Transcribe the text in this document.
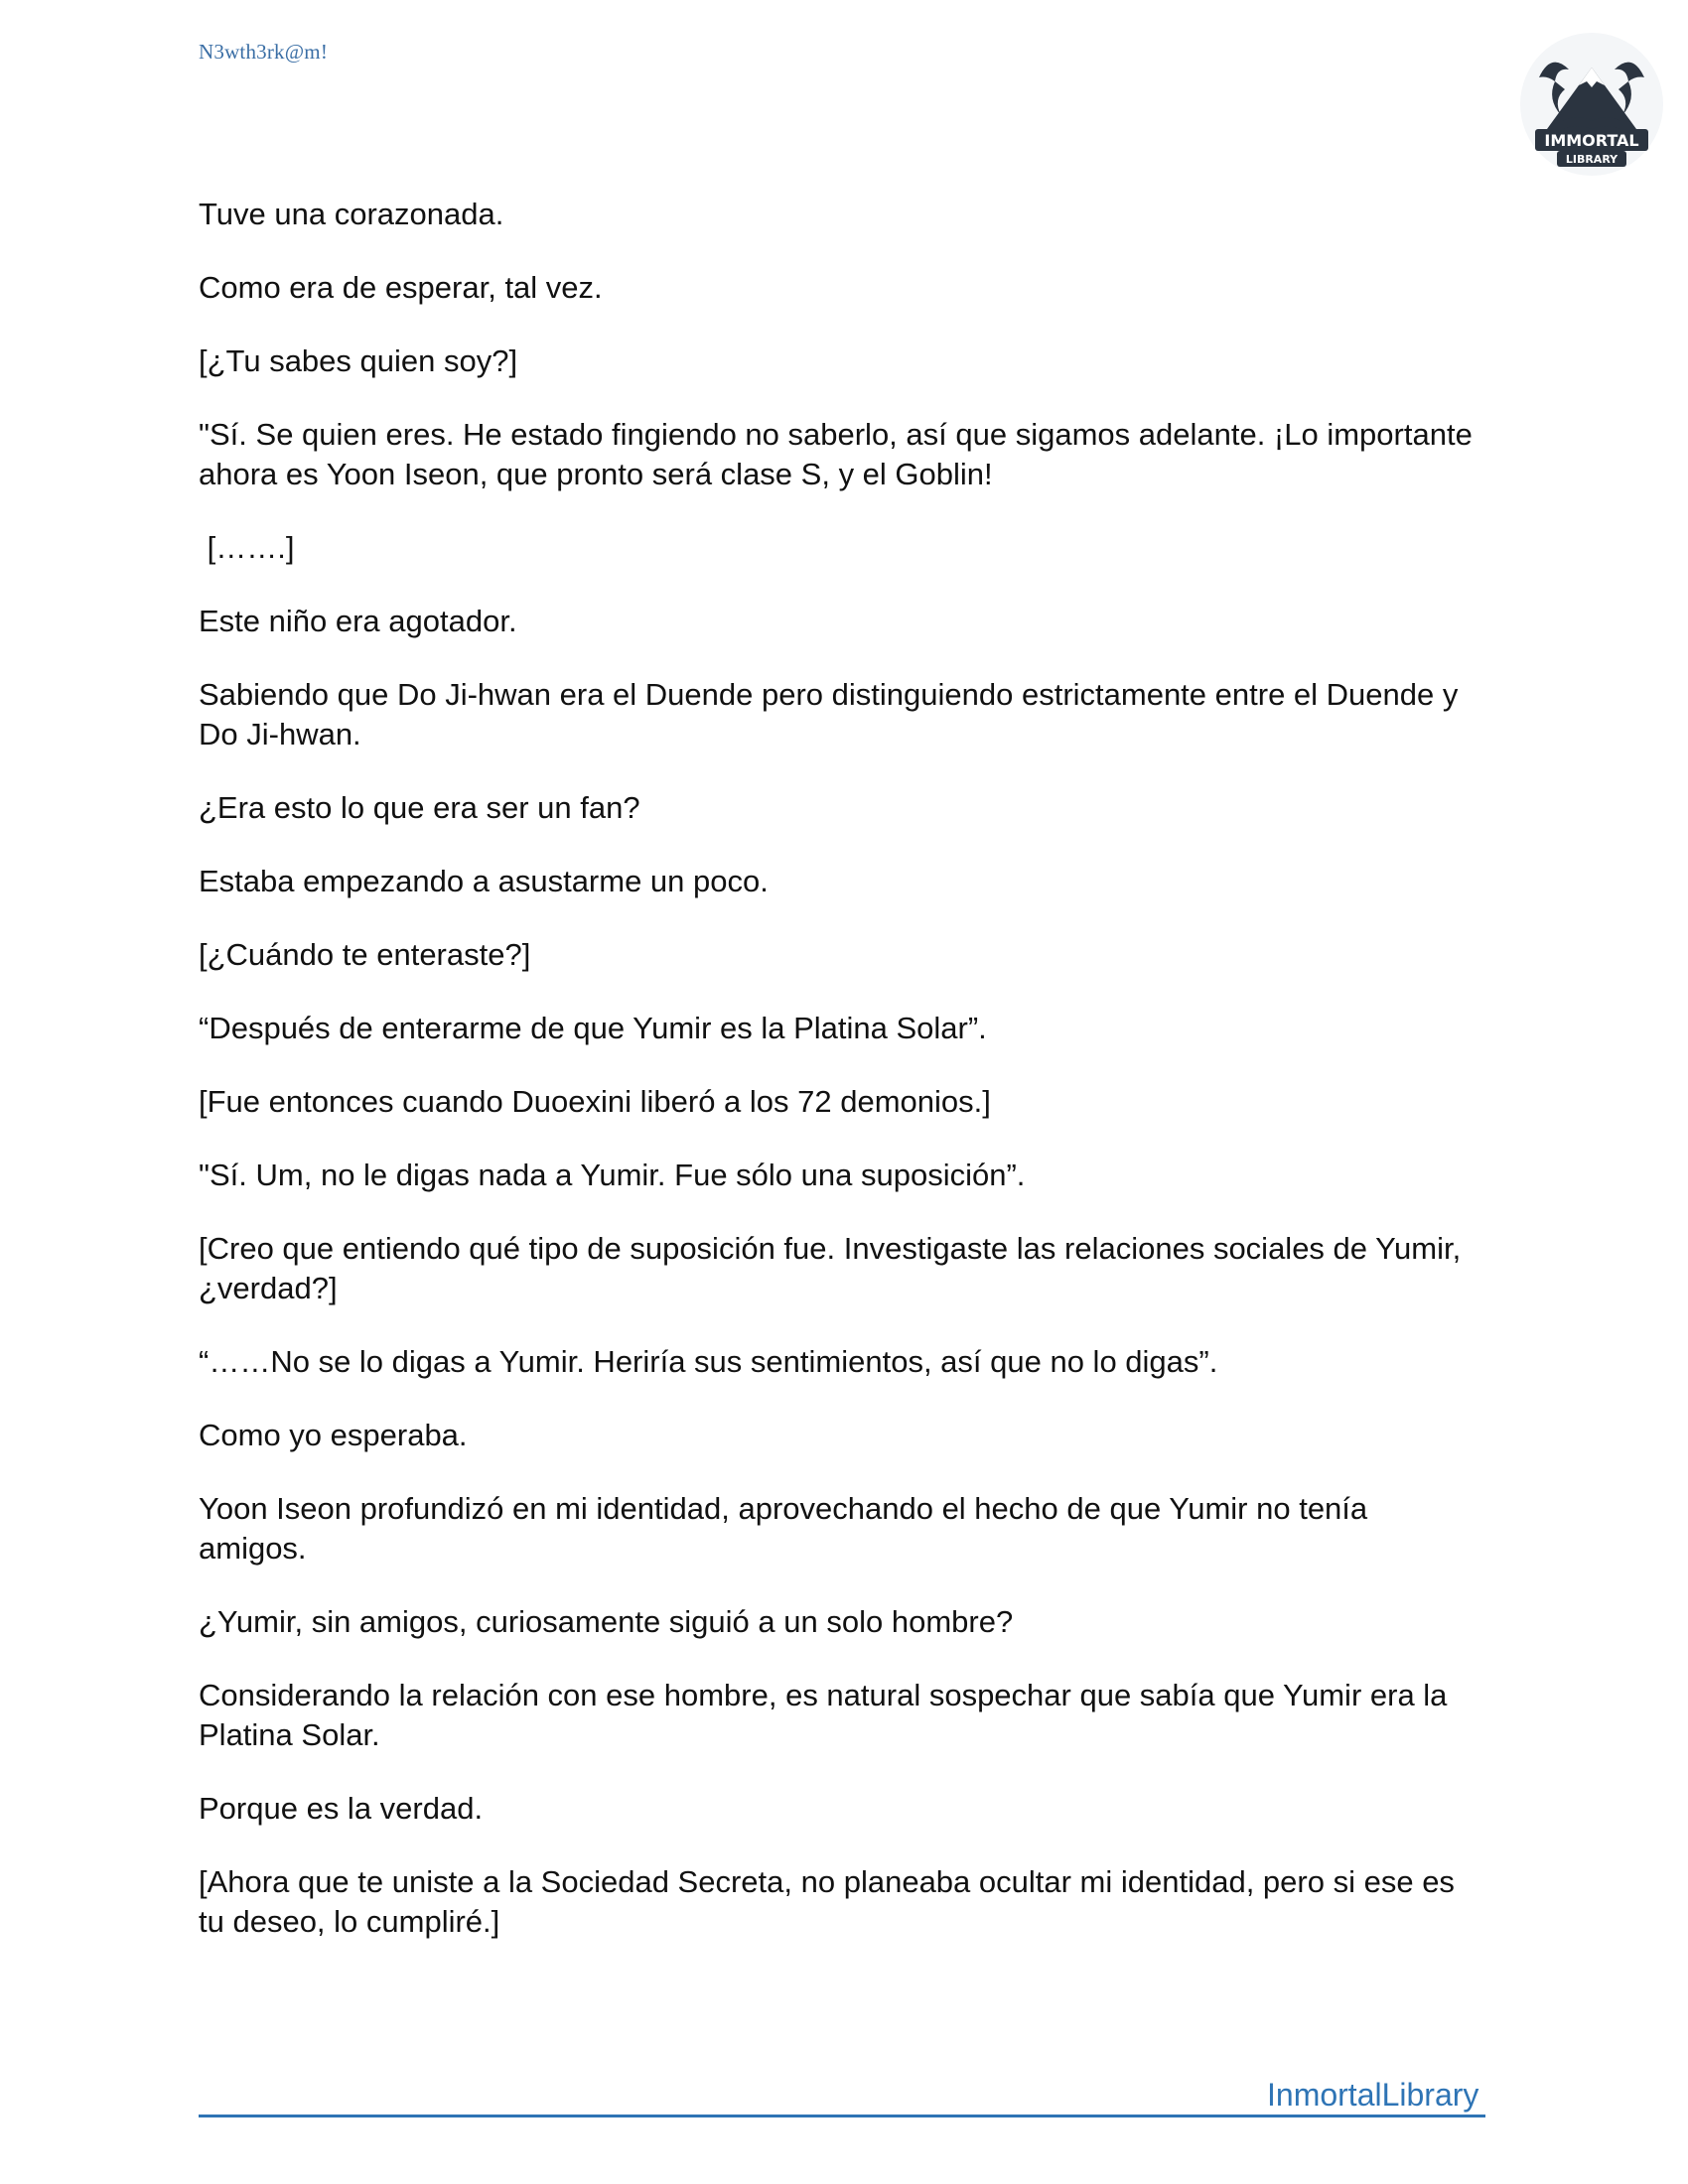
N3wth3rk@m!
IMMORTAL
LIBRARY

Tuve una corazonada.

Como era de esperar, tal vez.

[¿Tu sabes quien soy?]

"Sí. Se quien eres. He estado fingiendo no saberlo, así que sigamos adelante. ¡Lo importante ahora es Yoon Iseon, que pronto será clase S, y el Goblin!

[…….]

Este niño era agotador.

Sabiendo que Do Ji-hwan era el Duende pero distinguiendo estrictamente entre el Duende y Do Ji-hwan.

¿Era esto lo que era ser un fan?

Estaba empezando a asustarme un poco.

[¿Cuándo te enteraste?]

“Después de enterarme de que Yumir es la Platina Solar”.

[Fue entonces cuando Duoexini liberó a los 72 demonios.]

"Sí. Um, no le digas nada a Yumir. Fue sólo una suposición”.

[Creo que entiendo qué tipo de suposición fue. Investigaste las relaciones sociales de Yumir, ¿verdad?]

“……No se lo digas a Yumir. Heriría sus sentimientos, así que no lo digas”.

Como yo esperaba.

Yoon Iseon profundizó en mi identidad, aprovechando el hecho de que Yumir no tenía amigos.

¿Yumir, sin amigos, curiosamente siguió a un solo hombre?

Considerando la relación con ese hombre, es natural sospechar que sabía que Yumir era la Platina Solar.

Porque es la verdad.

[Ahora que te uniste a la Sociedad Secreta, no planeaba ocultar mi identidad, pero si ese es tu deseo, lo cumpliré.]

InmortalLibrary
